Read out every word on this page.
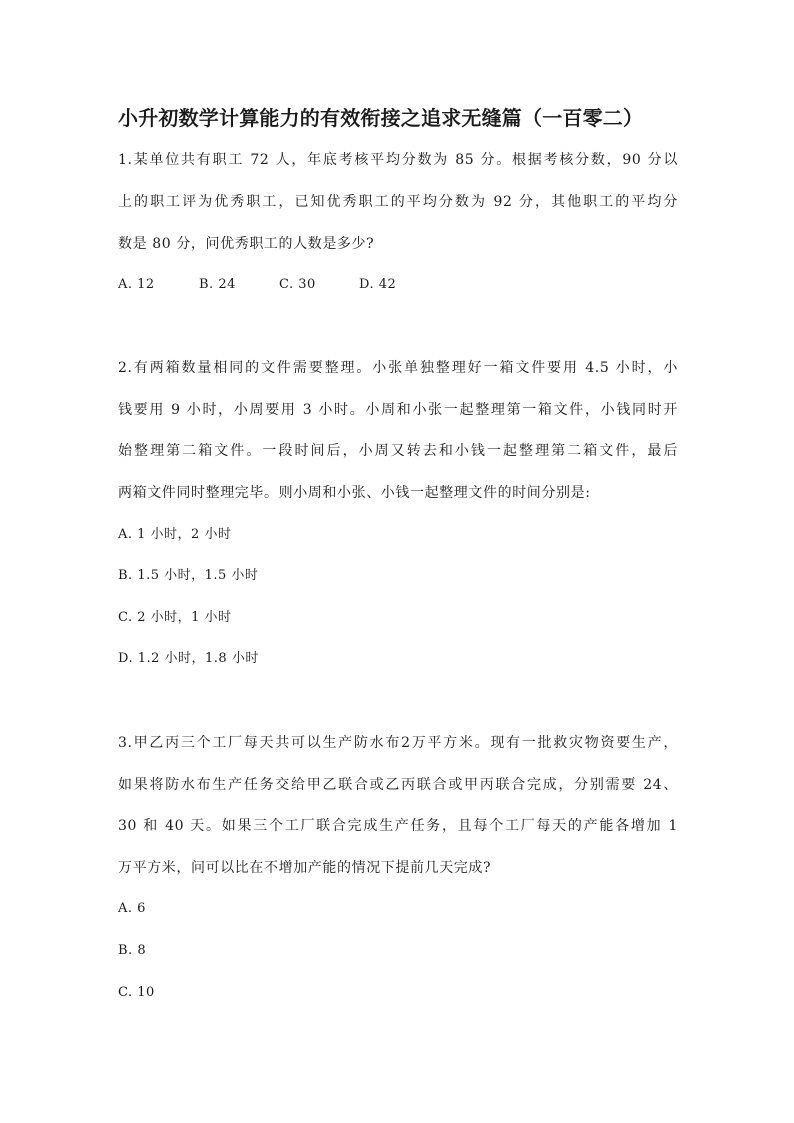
小升初数学计算能力的有效衔接之追求无缝篇（一百零二）
1.某单位共有职工 72 人，年底考核平均分数为 85 分。根据考核分数，90 分以
上的职工评为优秀职工，已知优秀职工的平均分数为 92 分，其他职工的平均分
数是 80 分，问优秀职工的人数是多少?
A. 12	B. 24	C. 30	D. 42
2.有两箱数量相同的文件需要整理。小张单独整理好一箱文件要用 4.5 小时，小
钱要用 9 小时，小周要用 3 小时。小周和小张一起整理第一箱文件，小钱同时开
始整理第二箱文件。一段时间后，小周又转去和小钱一起整理第二箱文件，最后
两箱文件同时整理完毕。则小周和小张、小钱一起整理文件的时间分别是:
A. 1 小时，2 小时
B. 1.5 小时，1.5 小时
C. 2 小时，1 小时
D. 1.2 小时，1.8 小时
3.甲乙丙三个工厂每天共可以生产防水布2万平方米。现有一批救灾物资要生产，
如果将防水布生产任务交给甲乙联合或乙丙联合或甲丙联合完成，分别需要 24、
30 和 40 天。如果三个工厂联合完成生产任务，且每个工厂每天的产能各增加 1
万平方米，问可以比在不增加产能的情况下提前几天完成?
A. 6
B. 8
C. 10
